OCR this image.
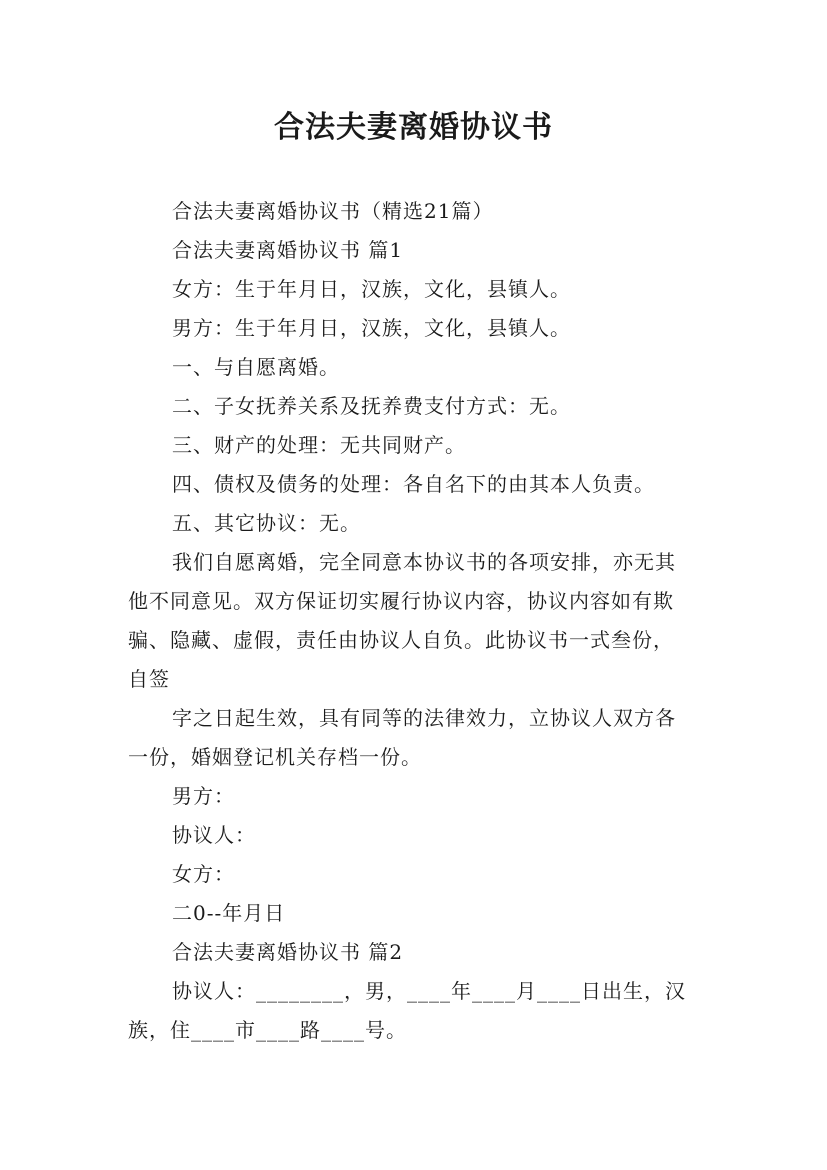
合法夫妻离婚协议书
合法夫妻离婚协议书（精选21篇）
合法夫妻离婚协议书 篇1
女方：生于年月日，汉族，文化，县镇人。
男方：生于年月日，汉族，文化，县镇人。
一、与自愿离婚。
二、子女抚养关系及抚养费支付方式：无。
三、财产的处理：无共同财产。
四、债权及债务的处理：各自名下的由其本人负责。
五、其它协议：无。
我们自愿离婚，完全同意本协议书的各项安排，亦无其
他不同意见。双方保证切实履行协议内容，协议内容如有欺
骗、隐藏、虚假，责任由协议人自负。此协议书一式叁份，
自签
字之日起生效，具有同等的法律效力，立协议人双方各
一份，婚姻登记机关存档一份。
男方：
协议人：
女方：
二0--年月日
合法夫妻离婚协议书 篇2
协议人：________，男，____年____月____日出生，汉
族，住____市____路____号。
